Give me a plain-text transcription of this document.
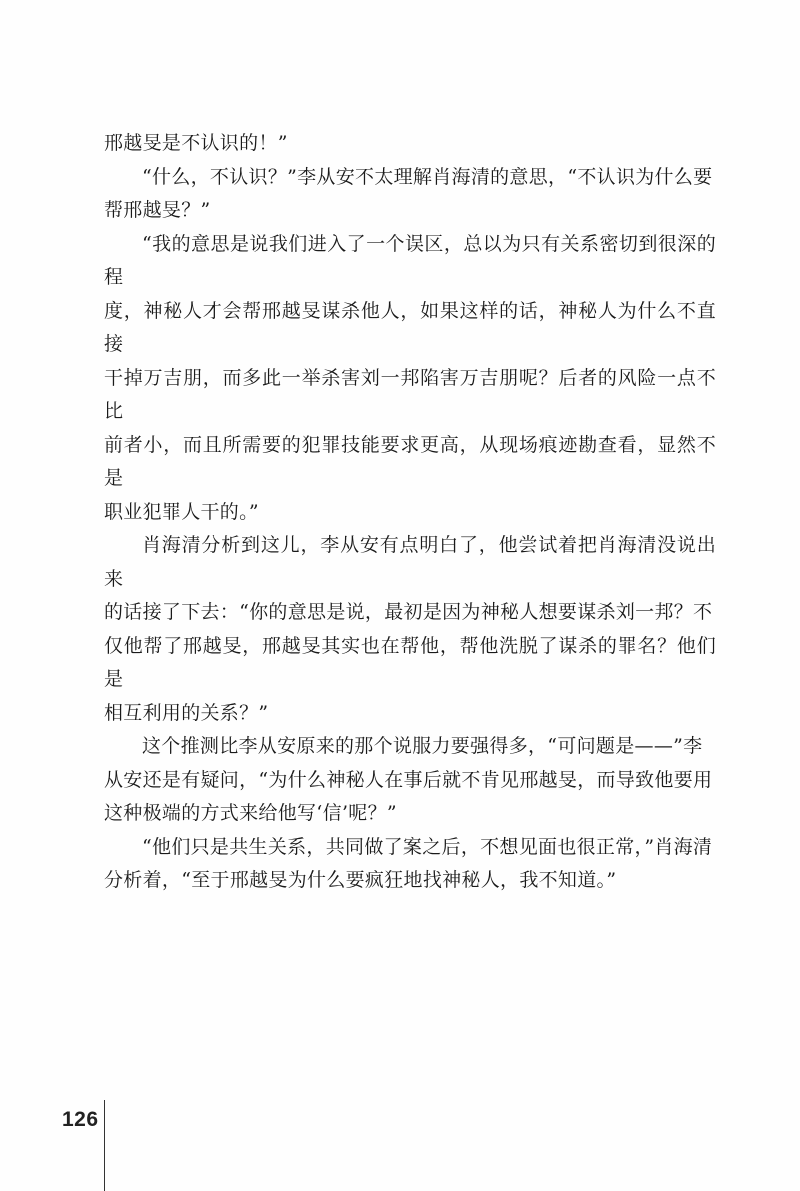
邢越旻是不认识的！”

“什么，不认识？”李从安不太理解肖海清的意思，“不认识为什么要
帮邢越旻？”

“我的意思是说我们进入了一个误区，总以为只有关系密切到很深的程
度，神秘人才会帮邢越旻谋杀他人，如果这样的话，神秘人为什么不直接
干掉万吉朋，而多此一举杀害刘一邦陷害万吉朋呢？后者的风险一点不比
前者小，而且所需要的犯罪技能要求更高，从现场痕迹勘查看，显然不是
职业犯罪人干的。”

肖海清分析到这儿，李从安有点明白了，他尝试着把肖海清没说出来
的话接了下去：“你的意思是说，最初是因为神秘人想要谋杀刘一邦？不
仅他帮了邢越旻，邢越旻其实也在帮他，帮他洗脱了谋杀的罪名？他们是
相互利用的关系？”

这个推测比李从安原来的那个说服力要强得多，“可问题是——”李
从安还是有疑问，“为什么神秘人在事后就不肯见邢越旻，而导致他要用
这种极端的方式来给他写‘信’呢？”

“他们只是共生关系，共同做了案之后，不想见面也很正常，”肖海清
分析着，“至于邢越旻为什么要疯狂地找神秘人，我不知道。”

126
